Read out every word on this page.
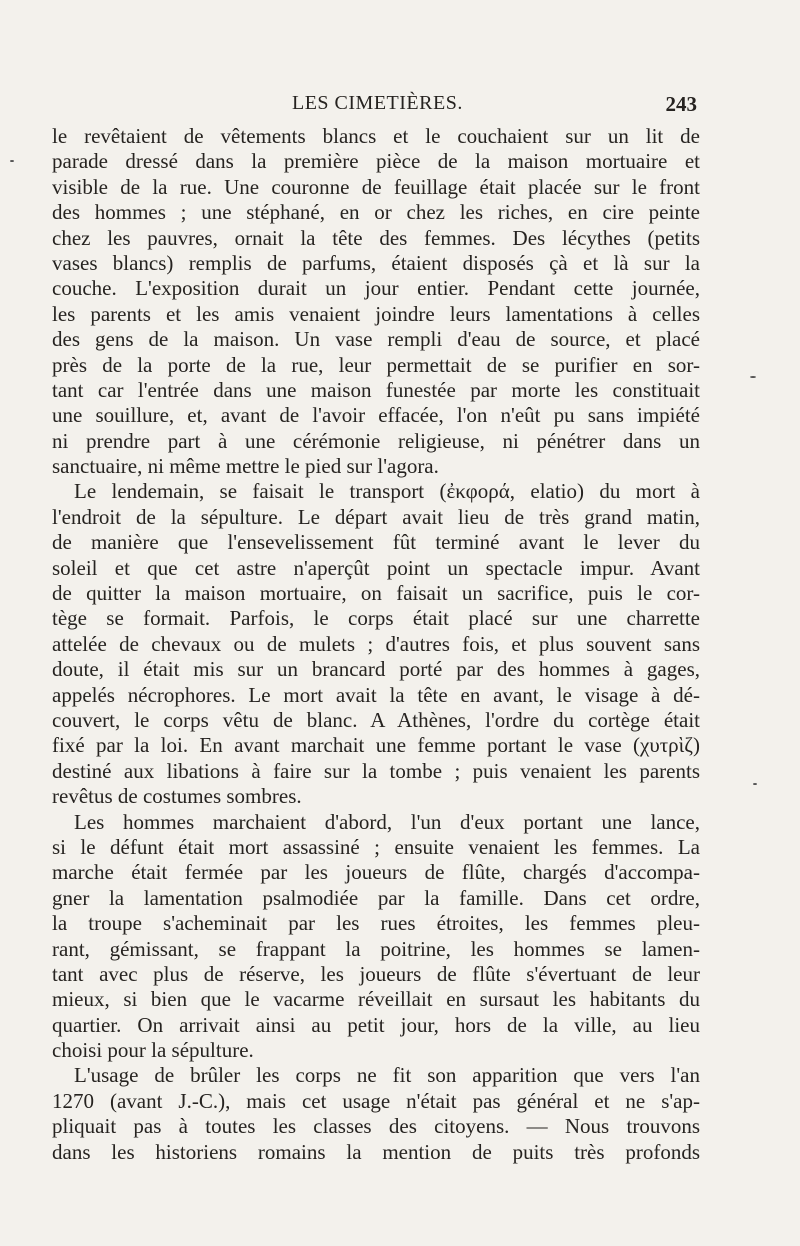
LES CIMETIÈRES.	243
le revêtaient de vêtements blancs et le couchaient sur un lit de
parade dressé dans la première pièce de la maison mortuaire et
visible de la rue. Une couronne de feuillage était placée sur le front
des hommes ; une stéphané, en or chez les riches, en cire peinte
chez les pauvres, ornait la tête des femmes. Des lécythes (petits
vases blancs) remplis de parfums, étaient disposés çà et là sur la
couche. L'exposition durait un jour entier. Pendant cette journée,
les parents et les amis venaient joindre leurs lamentations à celles
des gens de la maison. Un vase rempli d'eau de source, et placé
près de la porte de la rue, leur permettait de se purifier en sor-
tant car l'entrée dans une maison funestée par morte les constituait
une souillure, et, avant de l'avoir effacée, l'on n'eût pu sans impiété
ni prendre part à une cérémonie religieuse, ni pénétrer dans un
sanctuaire, ni même mettre le pied sur l'agora.
Le lendemain, se faisait le transport (ἐκφορά, elatio) du mort à
l'endroit de la sépulture. Le départ avait lieu de très grand matin,
de manière que l'ensevelissement fût terminé avant le lever du
soleil et que cet astre n'aperçût point un spectacle impur. Avant
de quitter la maison mortuaire, on faisait un sacrifice, puis le cor-
tège se formait. Parfois, le corps était placé sur une charrette
attelée de chevaux ou de mulets ; d'autres fois, et plus souvent sans
doute, il était mis sur un brancard porté par des hommes à gages,
appelés nécrophores. Le mort avait la tête en avant, le visage à dé-
couvert, le corps vêtu de blanc. A Athènes, l'ordre du cortège était
fixé par la loi. En avant marchait une femme portant le vase (χυτρὶζ)
destiné aux libations à faire sur la tombe ; puis venaient les parents
revêtus de costumes sombres.
Les hommes marchaient d'abord, l'un d'eux portant une lance,
si le défunt était mort assassiné ; ensuite venaient les femmes. La
marche était fermée par les joueurs de flûte, chargés d'accompa-
gner la lamentation psalmodiée par la famille. Dans cet ordre,
la troupe s'acheminait par les rues étroites, les femmes pleu-
rant, gémissant, se frappant la poitrine, les hommes se lamen-
tant avec plus de réserve, les joueurs de flûte s'évertuant de leur
mieux, si bien que le vacarme réveillait en sursaut les habitants du
quartier. On arrivait ainsi au petit jour, hors de la ville, au lieu
choisi pour la sépulture.
L'usage de brûler les corps ne fit son apparition que vers l'an
1270 (avant J.-C.), mais cet usage n'était pas général et ne s'ap-
pliquait pas à toutes les classes des citoyens. — Nous trouvons
dans les historiens romains la mention de puits très profonds
